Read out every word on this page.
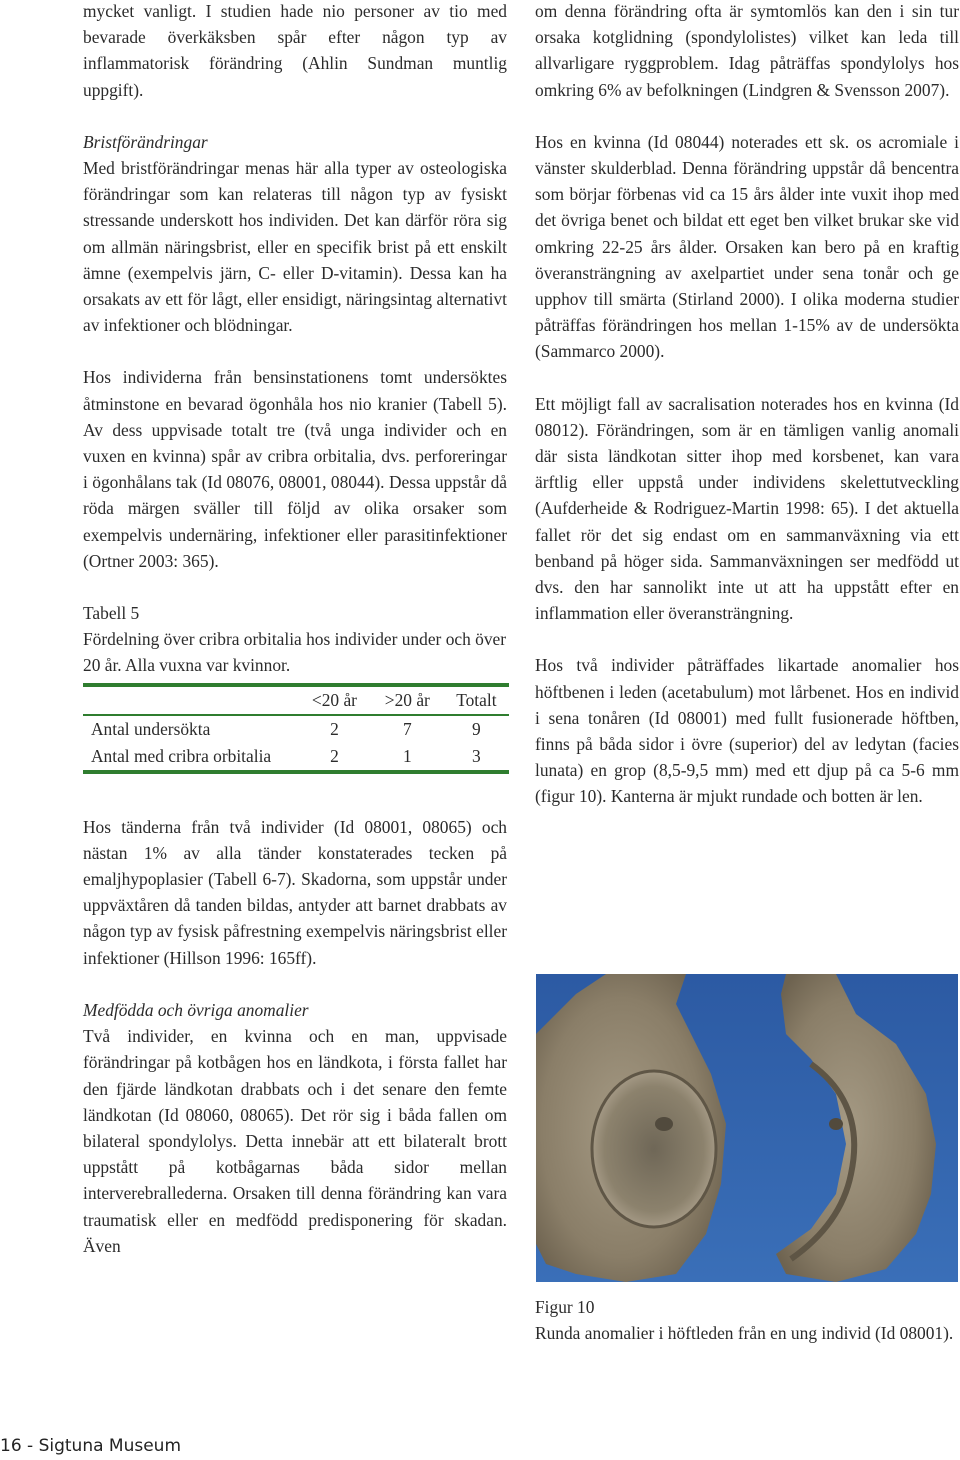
mycket vanligt. I studien hade nio personer av tio med bevarade överkäksben spår efter någon typ av inflammatorisk förändring (Ahlin Sundman muntlig uppgift).

Bristförändringar

Med bristförändringar menas här alla typer av osteologiska förändringar som kan relateras till någon typ av fysiskt stressande underskott hos individen. Det kan därför röra sig om allmän näringsbrist, eller en specifik brist på ett enskilt ämne (exempelvis järn, C- eller D-vitamin). Dessa kan ha orsakats av ett för lågt, eller ensidigt, näringsintag alternativt av infektioner och blödningar.

Hos individerna från bensinstationens tomt undersöktes åtminstone en bevarad ögonhåla hos nio kranier (Tabell 5). Av dess uppvisade totalt tre (två unga individer och en vuxen en kvinna) spår av cribra orbitalia, dvs. perforeringar i ögonhålans tak (Id 08076, 08001, 08044). Dessa uppstår då röda märgen sväller till följd av olika orsaker som exempelvis undernäring, infektioner eller parasitinfektioner (Ortner 2003: 365).

Tabell 5

Fördelning över cribra orbitalia hos individer under och över 20 år. Alla vuxna var kvinnor.

	<20 år	>20 år	Totalt
Antal undersökta	2	7	9
Antal med cribra orbitalia	2	1	3

Hos tänderna från två individer (Id 08001, 08065) och nästan 1% av alla tänder konstaterades tecken på emaljhypoplasier (Tabell 6-7). Skadorna, som uppstår under uppväxtåren då tanden bildas, antyder att barnet drabbats av någon typ av fysisk påfrestning exempelvis näringsbrist eller infektioner (Hillson 1996: 165ff).

Medfödda och övriga anomalier

Två individer, en kvinna och en man, uppvisade förändringar på kotbågen hos en ländkota, i första fallet har den fjärde ländkotan drabbats och i det senare den femte ländkotan (Id 08060, 08065). Det rör sig i båda fallen om bilateral spondylolys. Detta innebär att ett bilateralt brott uppstått på kotbågarnas båda sidor mellan interverebrallederna. Orsaken till denna förändring kan vara traumatisk eller en medfödd predisponering för skadan. Även

om denna förändring ofta är symtomlös kan den i sin tur orsaka kotglidning (spondylolistes) vilket kan leda till allvarligare ryggproblem. Idag påträffas spondylolys hos omkring 6% av befolkningen (Lindgren & Svensson 2007).

Hos en kvinna (Id 08044) noterades ett sk. os acromiale i vänster skulderblad. Denna förändring uppstår då bencentra som börjar förbenas vid ca 15 års ålder inte vuxit ihop med det övriga benet och bildat ett eget ben vilket brukar ske vid omkring 22-25 års ålder. Orsaken kan bero på en kraftig överansträngning av axelpartiet under sena tonår och ge upphov till smärta (Stirland 2000). I olika moderna studier påträffas förändringen hos mellan 1-15% av de undersökta (Sammarco 2000).

Ett möjligt fall av sacralisation noterades hos en kvinna (Id 08012). Förändringen, som är en tämligen vanlig anomali där sista ländkotan sitter ihop med korsbenet, kan vara ärftlig eller uppstå under individens skelettutveckling (Aufderheide & Rodriguez-Martin 1998: 65). I det aktuella fallet rör det sig endast om en sammanväxning via ett benband på höger sida. Sammanväxningen ser medfödd ut dvs. den har sannolikt inte ut att ha uppstått efter en inflammation eller överansträngning.

Hos två individer påträffades likartade anomalier hos höftbenen i leden (acetabulum) mot lårbenet. Hos en individ i sena tonåren (Id 08001) med fullt fusionerade höftben, finns på båda sidor i övre (superior) del av ledytan (facies lunata) en grop (8,5-9,5 mm) med ett djup på ca 5-6 mm (figur 10). Kanterna är mjukt rundade och botten är len.

Figur 10

Runda anomalier i höftleden från en ung individ (Id 08001).

16 - Sigtuna Museum
